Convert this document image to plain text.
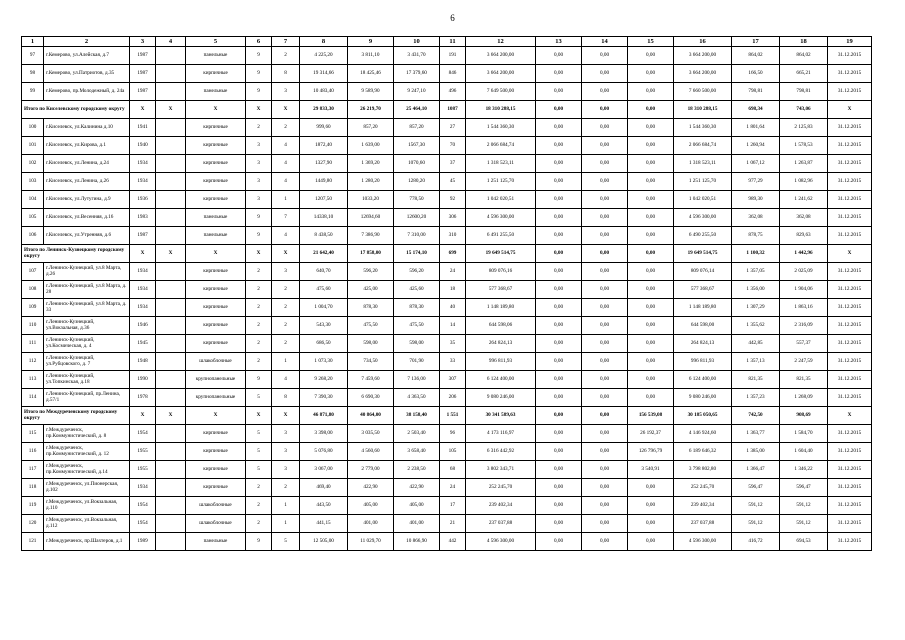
6
1	2	3	4	5	6	7	8	9	10	11	12	13	14	15	16	17	18	19
97	г.Кемерово, ул.Алейская, д.7	1987		панельные	9	2	4 225,20	3 811,10	3 431,70	191	3 664 200,00	0,00	0,00	0,00	3 664 200,00	864,02	864,02	31.12.2015
98	г.Кемерово, ул.Патриотов, д.35	1987		кирпичные	9	8	19 314,66	18 425,46	17 379,60	846	3 664 200,00	0,00	0,00	0,00	3 664 200,00	166,50	665,21	31.12.2015
99	г.Кемерово, пр.Молодежный, д. 24а	1987		панельные	9	3	10 483,40	9 589,90	9 247,10	496	7 649 500,00	0,00	0,00	0,00	7 660 500,00	798,81	798,81	31.12.2015
Итого по Киселевскому городскому округу		X	X	X	X	X	29 833,30	26 219,70	25 464,10	1087	18 310 288,15	0,00	0,00	0,00	18 310 288,15	698,34	743,06	X
100	г.Киселевск, ул.Калинина д.10	1941		кирпичные	2	2	999,60	857,20	857,20	27	1 544 360,30	0,00	0,00	0,00	1 544 360,30	1 801,64	2 125,83	31.12.2015
101	г.Киселевск, ул.Кирова, д.1	1940		кирпичные	3	4	1872,40	1 639,00	1567,30	70	2 066 684,74	0,00	0,00	0,00	2 066 684,74	1 260,94	1 578,53	31.12.2015
102	г.Киселевск, ул.Ленина, д.24	1934		кирпичные	3	4	1327,90	1 369,20	1070,60	37	1 318 523,11	0,00	0,00	0,00	1 318 523,11	1 067,12	1 263,87	31.12.2015
103	г.Киселевск, ул.Ленина, д.26	1934		кирпичные	3	4	1449,80	1 280,20	1280,20	45	1 251 125,70	0,00	0,00	0,00	1 251 125,70	977,29	1 082,96	31.12.2015
104	г.Киселевск, ул.Лутугина, д.9	1936		кирпичные	3	1	1207,50	1033,20	778,50	92	1 042 020,51	0,00	0,00	0,00	1 042 020,51	989,30	1 241,62	31.12.2015
105	г.Киселевск, ул.Весенняя, д.16	1983		панельные	9	7	14338,10	12694,60	12600,20	306	4 596 300,00	0,00	0,00	0,00	4 596 300,00	362,08	362,08	31.12.2015
106	г.Киселевск, ул.Утренняя, д.6	1987		панельные	9	4	8 438,50	7 386,90	7 310,00	310	6 491 255,50	0,00	0,00	0,00	6 490 255,50	878,75	829,63	31.12.2015
Итого по Ленинск-Кузнецкому городскому округу		X	X	X	X	X	21 642,40	17 858,00	15 174,10	699	19 649 514,75	0,00	0,00	0,00	19 649 514,75	1 100,32	1 442,96	X
107	г.Ленинск-Кузнецкий, ул.8 Марта, д.26	1934		кирпичные	2	3	640,70	596,20	596,20	24	809 076,16	0,00	0,00	0,00	809 076,14	1 357,05	2 025,09	31.12.2015
108	г.Ленинск-Кузнецкий, ул.8 Марта, д. 28	1934		кирпичные	2	2	475,60	425,00	425,60	18	577 368,67	0,00	0,00	0,00	577 368,67	1 356,00	1 904,06	31.12.2015
109	г.Ленинск-Кузнецкий, ул.8 Марта, д. 33	1934		кирпичные	2	2	1 004,70	878,30	878,30	40	1 148 189,80	0,00	0,00	0,00	1 148 189,80	1 307,29	1 863,16	31.12.2015
110	г.Ленинск-Кузнецкий, ул.Вокзальная, д.36	1946		кирпичные	2	2	543,30	475,50	475,50	14	644 598,06	0,00	0,00	0,00	644 598,00	1 355,62	2 316,09	31.12.2015
111	г.Ленинск-Кузнецкий, ул.Космическая, д. 4	1945		кирпичные	2	2	686,50	598,00	598,00	35	264 824,13	0,00	0,00	0,00	264 824,13	442,85	557,37	31.12.2015
112	г.Ленинск-Кузнецкий, ул.Рубцовского, д. 7	1948		шлакоблочные	2	1	1 073,30	734,50	701,90	33	996 811,93	0,00	0,00	0,00	996 811,93	1 357,13	2 247,59	31.12.2015
113	г.Ленинск-Кузнецкий, ул.Топкинская, д.18	1990		крупнопанельные	9	4	9 268,20	7 459,60	7 136,00	307	6 124 400,00	0,00	0,00	0,00	6 124 400,00	821,35	821,35	31.12.2015
114	г.Ленинск-Кузнецкий, пр.Ленина, д.57/1	1978		крупнопанельные	5	8	7 390,30	6 690,30	4 363,50	206	9 080 246,00	0,00	0,00	0,00	9 080 246,00	1 357,23	1 268,09	31.12.2015
Итого по Междуреченскому городскому округу		X	X	X	X	X	46 871,80	40 864,00	38 158,40	1 551	30 341 589,63	0,00	0,00	156 539,08	30 185 050,65	742,50	908,69	X
115	г.Междуреченск, пр.Коммунистический, д. 8	1954		кирпичные	5	3	3 398,00	3 035,50	2 503,40	96	4 173 116,97	0,00	0,00	26 192,37	4 146 924,60	1 363,77	1 584,70	31.12.2015
116	г.Междуреченск, пр.Коммунистический, д. 12	1955		кирпичные	5	3	5 076,80	4 560,60	3 658,40	105	6 316 442,92	0,00	0,00	126 796,79	6 189 646,32	1 385,00	1 604,40	31.12.2015
117	г.Междуреченск, пр.Коммунистический, д.14	1955		кирпичные	5	3	3 067,00	2 779,00	2 238,50	68	3 802 343,71	0,00	0,00	3 540,91	3 798 802,80	1 366,47	1 346,22	31.12.2015
118	г.Междуреченск, ул.Пионерская, д.102	1934		кирпичные	2	2	469,40	422,90	422,90	24	252 245,70	0,00	0,00	0,00	252 245,70	596,47	596,47	31.12.2015
119	г.Междуреченск, ул.Вокзальная, д.110	1954		шлакоблочные	2	1	443,50	405,00	405,00	17	239 402,34	0,00	0,00	0,00	239 402,34	591,12	591,12	31.12.2015
120	г.Междуреченск, ул.Вокзальная, д.112	1954		шлакоблочные	2	1	441,15	401,00	401,00	21	237 037,88	0,00	0,00	0,00	237 037,88	591,12	591,12	31.12.2015
121	г.Междуреченск, пр.Шахтеров, д.1	1989		панельные	9	5	12 505,00	11 029,70	10 866,90	442	4 596 300,00	0,00	0,00	0,00	4 596 300,00	416,72	694,53	31.12.2015
